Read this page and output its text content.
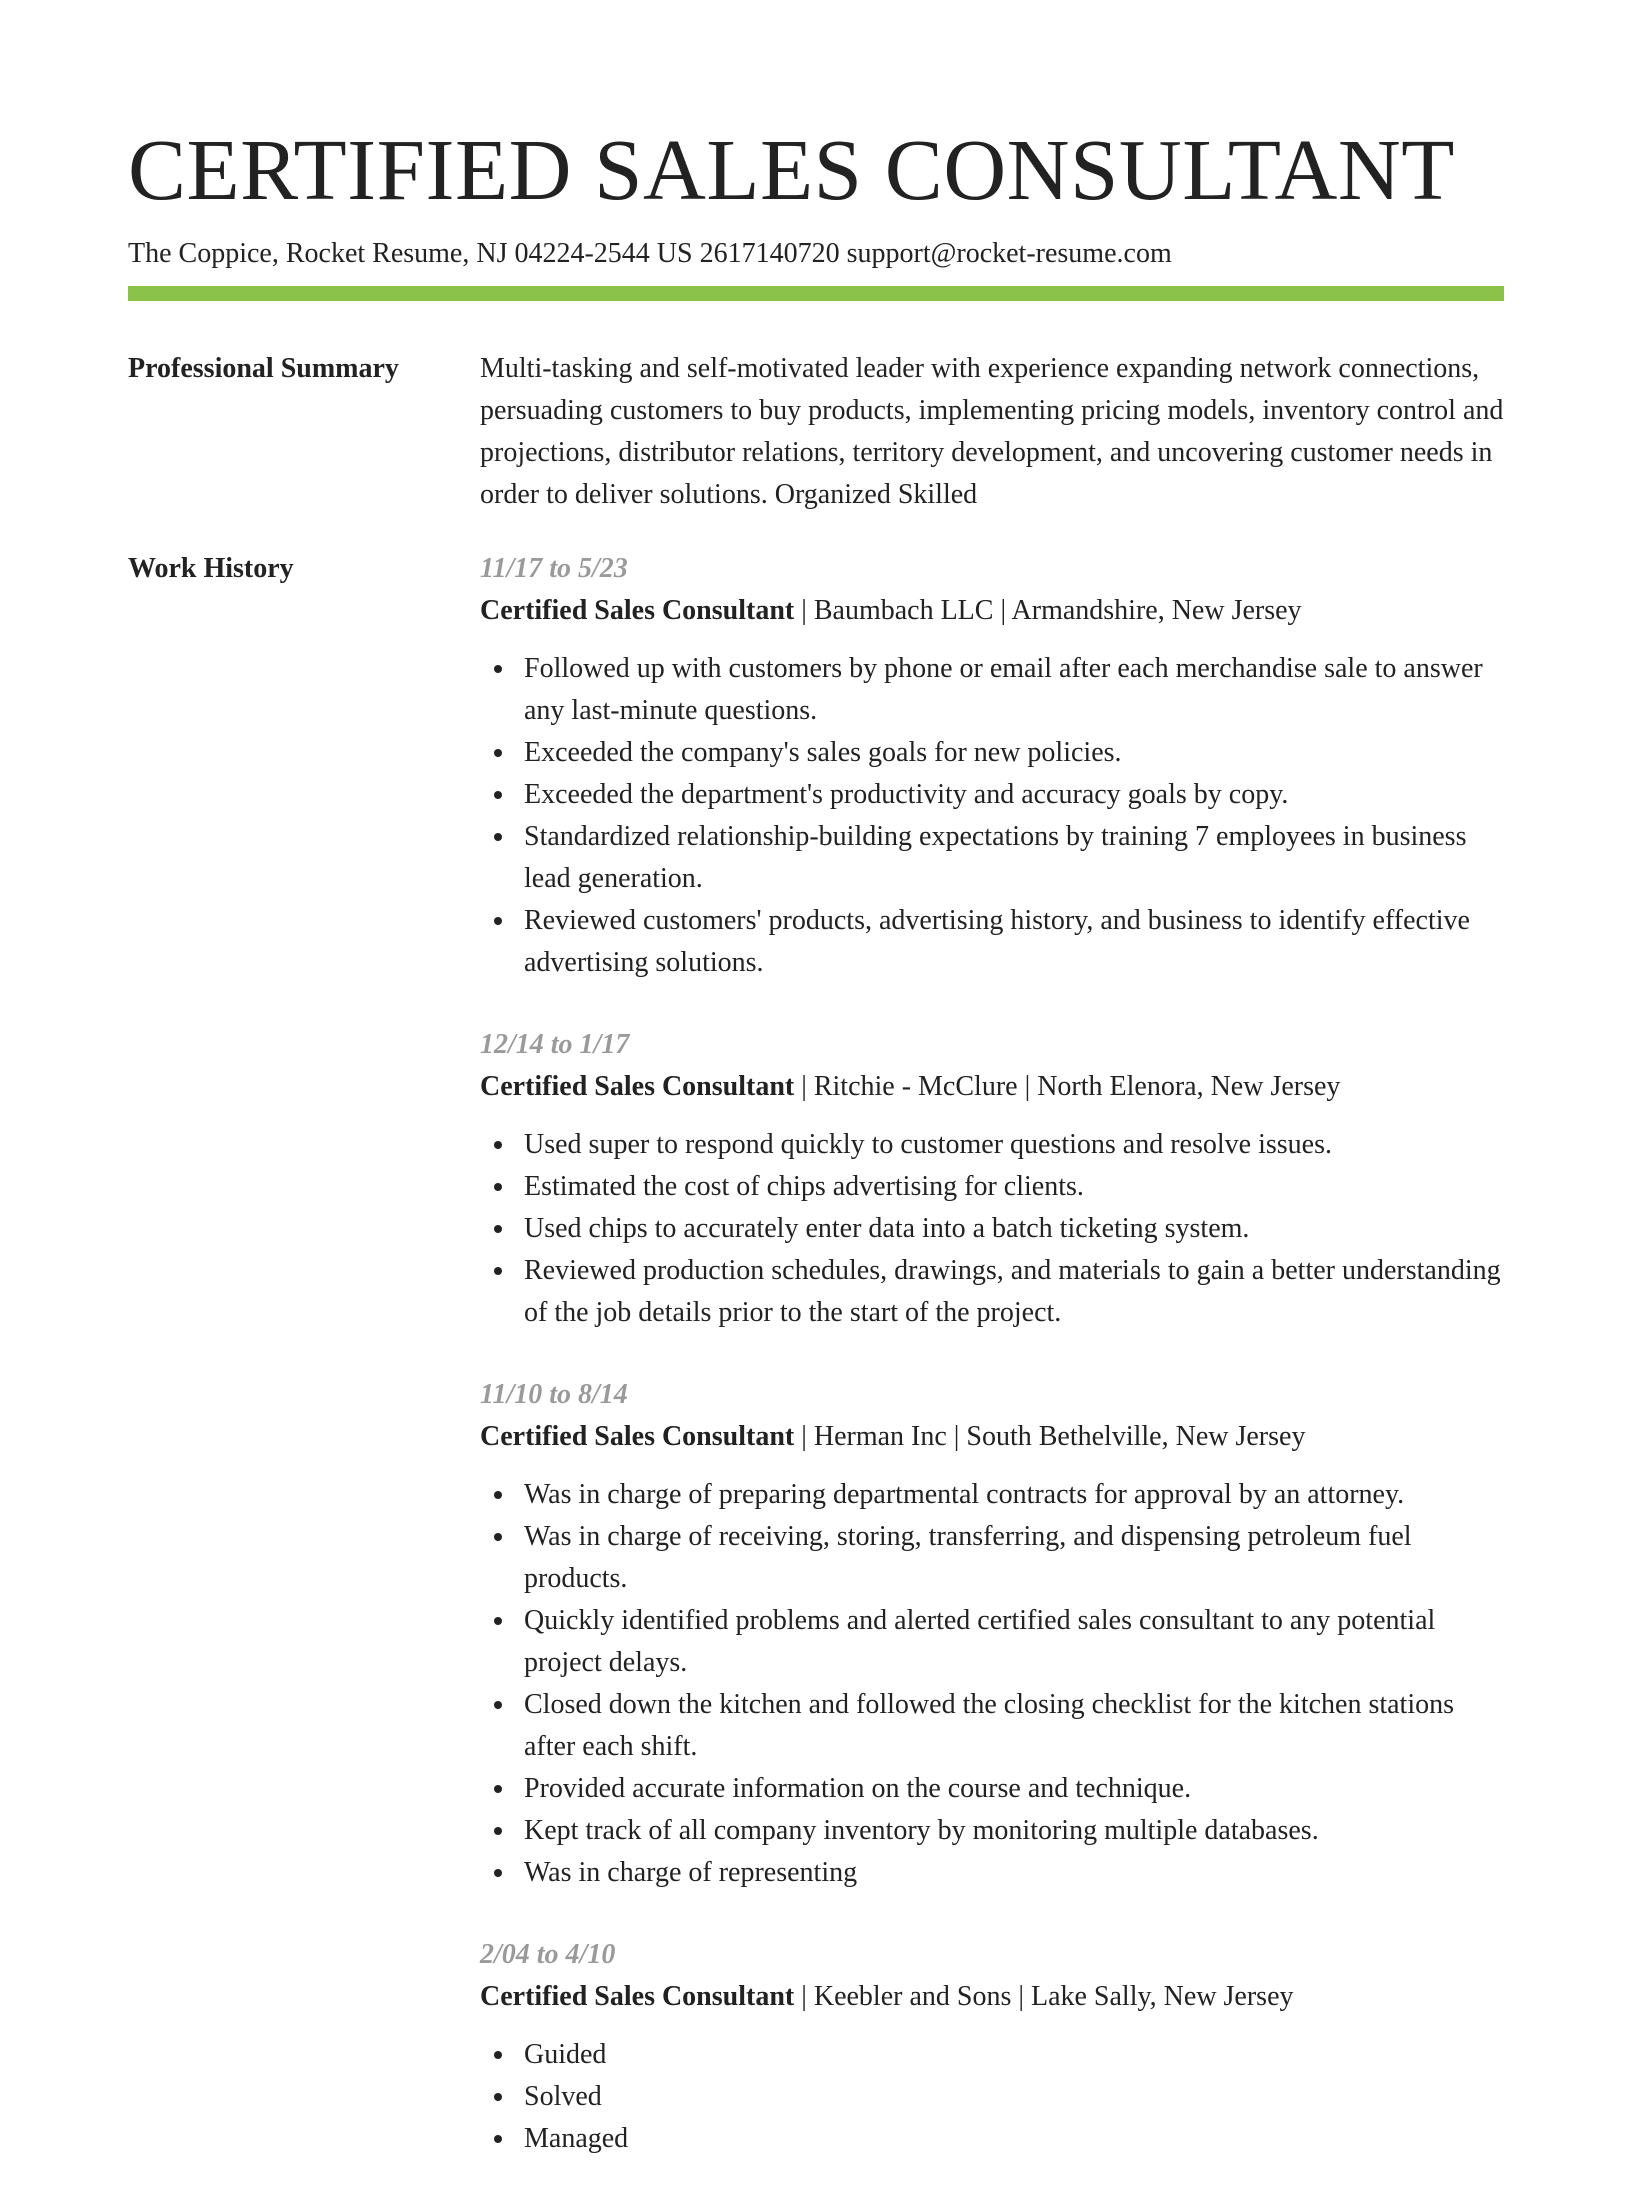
CERTIFIED SALES CONSULTANT
The Coppice, Rocket Resume, NJ 04224-2544 US 2617140720 support@rocket-resume.com
Professional Summary	Multi-tasking and self-motivated leader with experience expanding network connections, persuading customers to buy products, implementing pricing models, inventory control and projections, distributor relations, territory development, and uncovering customer needs in order to deliver solutions. Organized Skilled

Work History	11/17 to 5/23
Certified Sales Consultant | Baumbach LLC | Armandshire, New Jersey
Followed up with customers by phone or email after each merchandise sale to answer any last-minute questions.
Exceeded the company's sales goals for new policies.
Exceeded the department's productivity and accuracy goals by copy.
Standardized relationship-building expectations by training 7 employees in business lead generation.
Reviewed customers' products, advertising history, and business to identify effective advertising solutions.
12/14 to 1/17
Certified Sales Consultant | Ritchie - McClure | North Elenora, New Jersey
Used super to respond quickly to customer questions and resolve issues.
Estimated the cost of chips advertising for clients.
Used chips to accurately enter data into a batch ticketing system.
Reviewed production schedules, drawings, and materials to gain a better understanding of the job details prior to the start of the project.
11/10 to 8/14
Certified Sales Consultant | Herman Inc | South Bethelville, New Jersey
Was in charge of preparing departmental contracts for approval by an attorney.
Was in charge of receiving, storing, transferring, and dispensing petroleum fuel products.
Quickly identified problems and alerted certified sales consultant to any potential project delays.
Closed down the kitchen and followed the closing checklist for the kitchen stations after each shift.
Provided accurate information on the course and technique.
Kept track of all company inventory by monitoring multiple databases.
Was in charge of representing
2/04 to 4/10
Certified Sales Consultant | Keebler and Sons | Lake Sally, New Jersey
Guided
Solved
Managed
